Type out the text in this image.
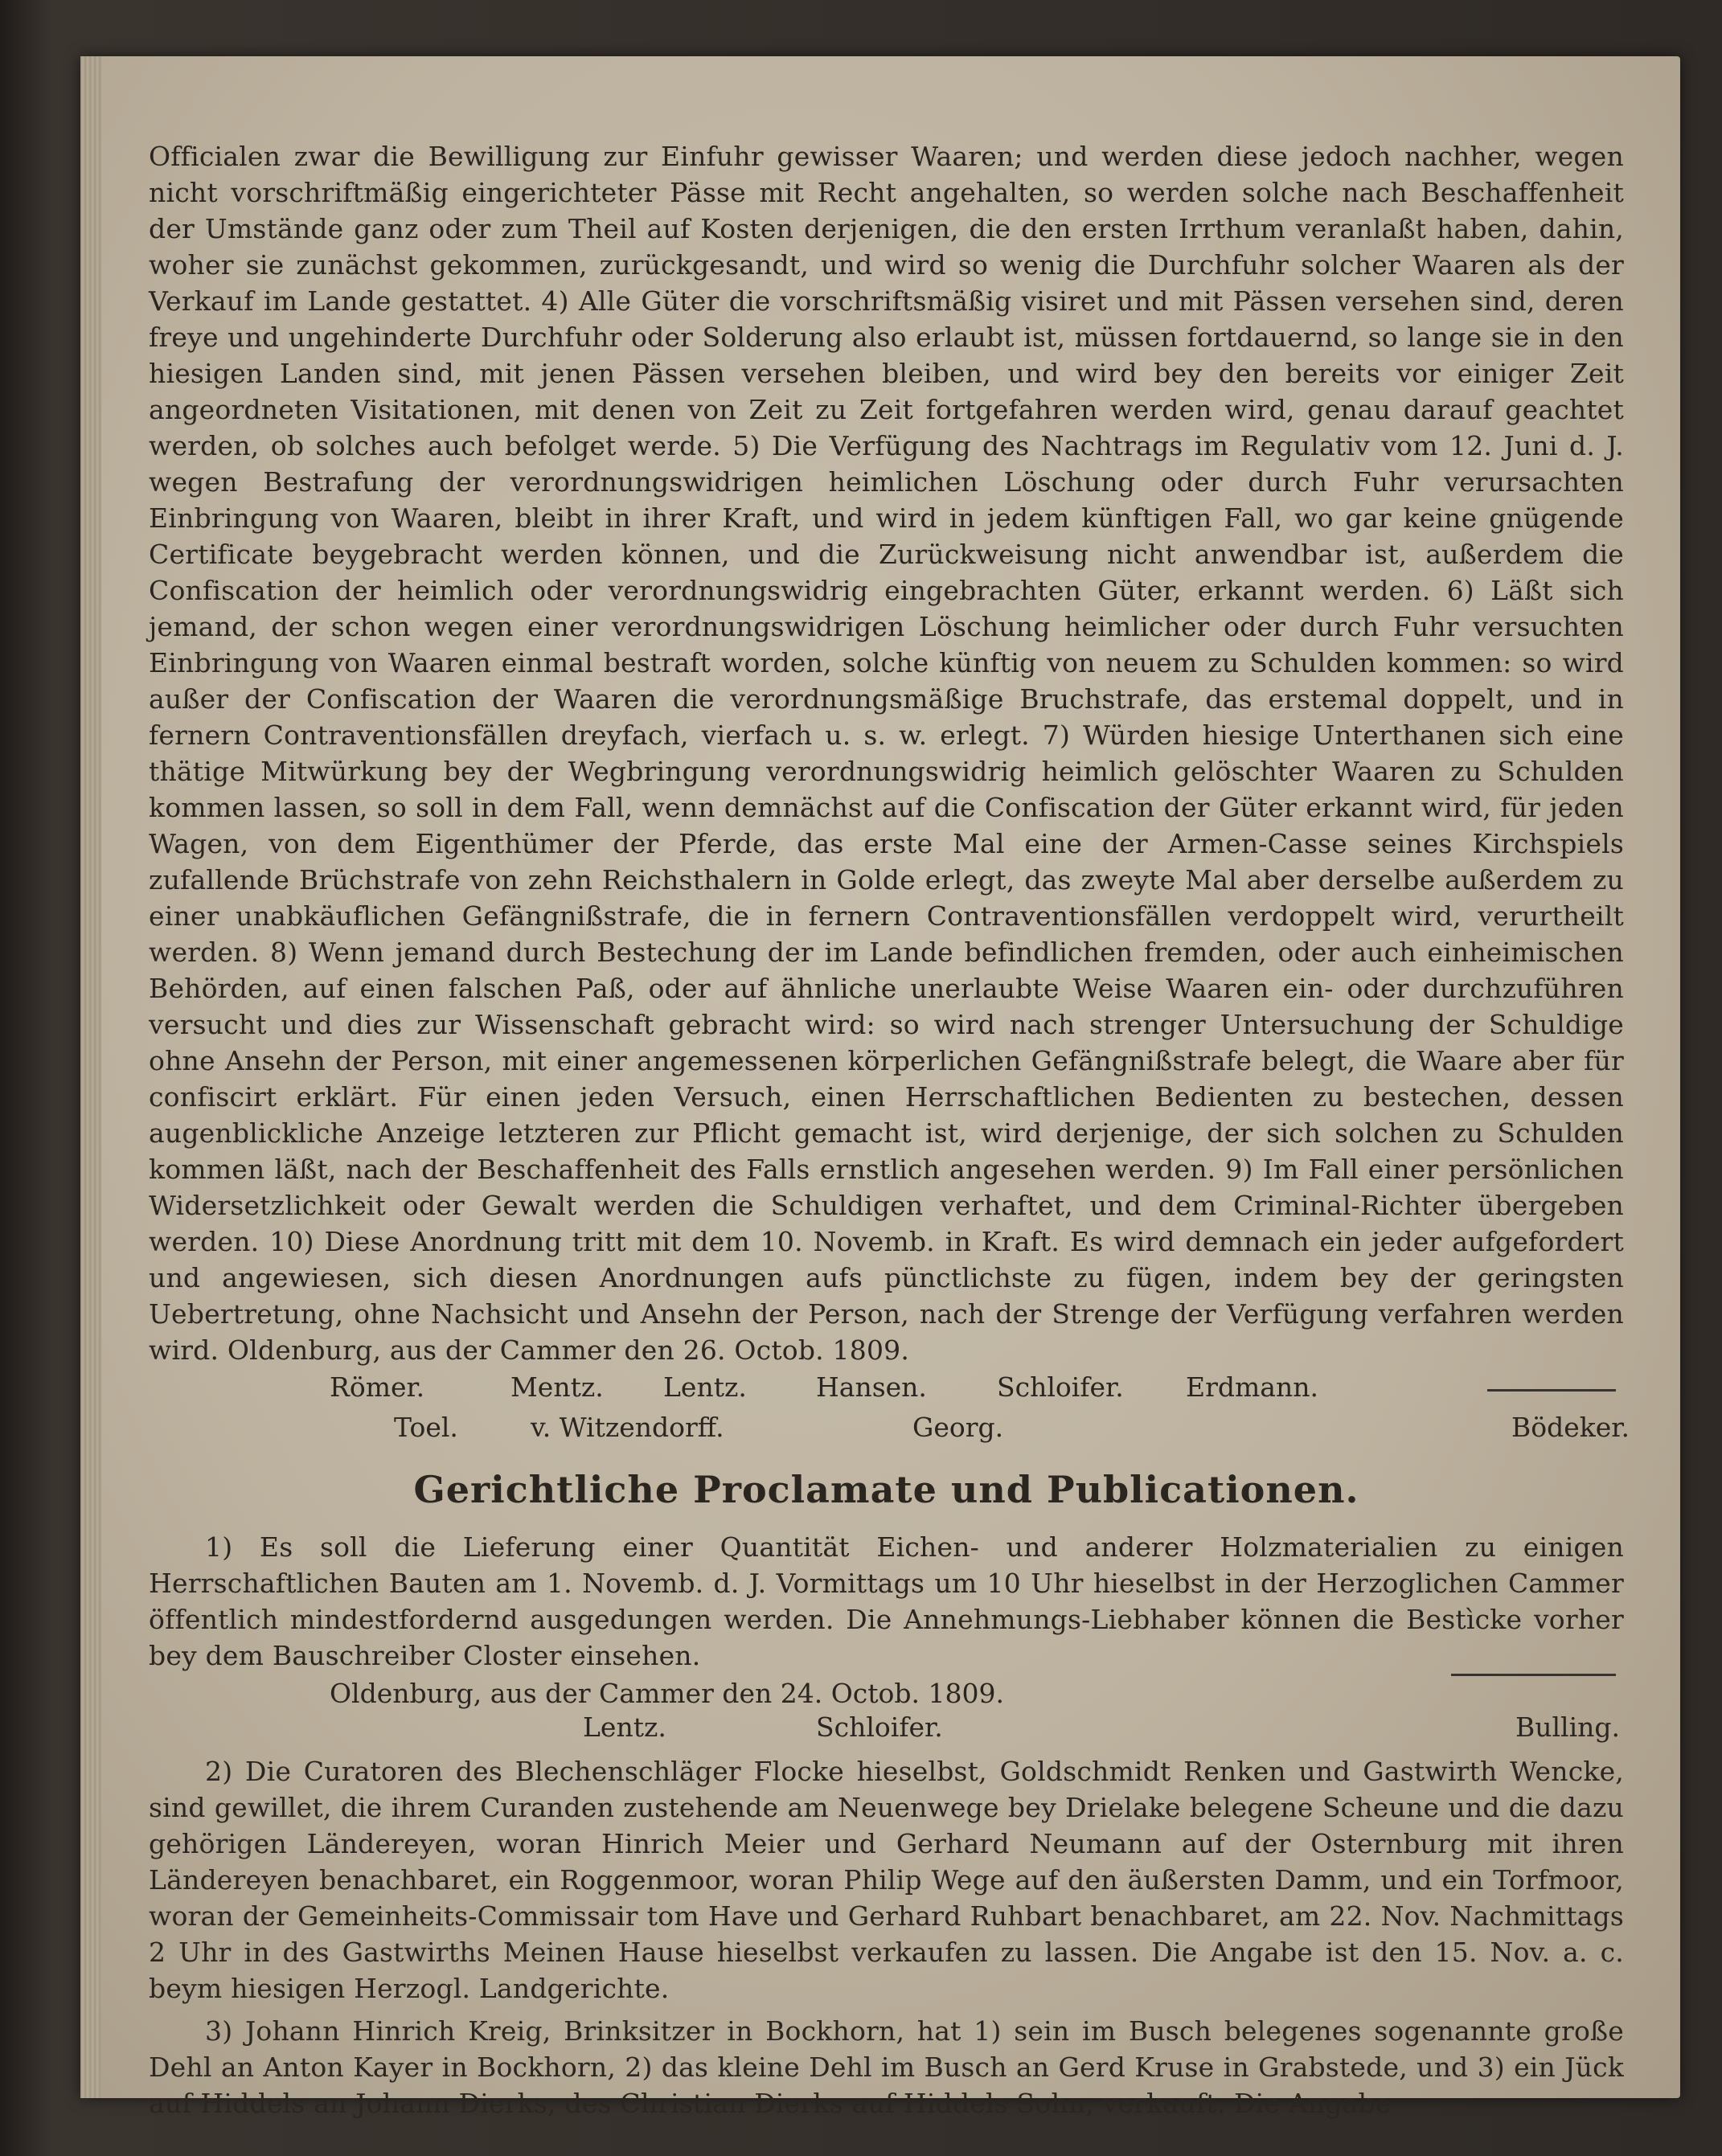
Officialen zwar die Bewilligung zur Einfuhr gewisser Waaren; und werden diese jedoch nachher, wegen nicht vorschriftmäßig eingerichteter Pässe mit Recht angehalten, so werden solche nach Beschaffenheit der Umstände ganz oder zum Theil auf Kosten derjenigen, die den ersten Irrthum veranlaßt haben, dahin, woher sie zunächst gekommen, zurückgesandt, und wird so wenig die Durchfuhr solcher Waaren als der Verkauf im Lande gestattet. 4) Alle Güter die vorschriftsmäßig visiret und mit Pässen versehen sind, deren freye und ungehinderte Durchfuhr oder Solderung also erlaubt ist, müssen fortdauernd, so lange sie in den hiesigen Landen sind, mit jenen Pässen versehen bleiben, und wird bey den bereits vor einiger Zeit angeordneten Visitationen, mit denen von Zeit zu Zeit fortgefahren werden wird, genau darauf geachtet werden, ob solches auch befolget werde. 5) Die Verfügung des Nachtrags im Regulativ vom 12. Juni d. J. wegen Bestrafung der verordnungswidrigen heimlichen Löschung oder durch Fuhr verursachten Einbringung von Waaren, bleibt in ihrer Kraft, und wird in jedem künftigen Fall, wo gar keine gnügende Certificate beygebracht werden können, und die Zurückweisung nicht anwendbar ist, außerdem die Confiscation der heimlich oder verordnungswidrig eingebrachten Güter, erkannt werden. 6) Läßt sich jemand, der schon wegen einer verordnungswidrigen Löschung heimlicher oder durch Fuhr versuchten Einbringung von Waaren einmal bestraft worden, solche künftig von neuem zu Schulden kommen: so wird außer der Confiscation der Waaren die verordnungsmäßige Bruchstrafe, das erstemal doppelt, und in fernern Contraventionsfällen dreyfach, vierfach u. s. w. erlegt. 7) Würden hiesige Unterthanen sich eine thätige Mitwürkung bey der Wegbringung verordnungswidrig heimlich gelöschter Waaren zu Schulden kommen lassen, so soll in dem Fall, wenn demnächst auf die Confiscation der Güter erkannt wird, für jeden Wagen, von dem Eigenthümer der Pferde, das erste Mal eine der Armen-Casse seines Kirchspiels zufallende Brüchstrafe von zehn Reichsthalern in Golde erlegt, das zweyte Mal aber derselbe außerdem zu einer unabkäuflichen Gefängnißstrafe, die in fernern Contraventionsfällen verdoppelt wird, verurtheilt werden. 8) Wenn jemand durch Bestechung der im Lande befindlichen fremden, oder auch einheimischen Behörden, auf einen falschen Paß, oder auf ähnliche unerlaubte Weise Waaren ein- oder durchzuführen versucht und dies zur Wissenschaft gebracht wird: so wird nach strenger Untersuchung der Schuldige ohne Ansehn der Person, mit einer angemessenen körperlichen Gefängnißstrafe belegt, die Waare aber für confiscirt erklärt. Für einen jeden Versuch, einen Herrschaftlichen Bedienten zu bestechen, dessen augenblickliche Anzeige letzteren zur Pflicht gemacht ist, wird derjenige, der sich solchen zu Schulden kommen läßt, nach der Beschaffenheit des Falls ernstlich angesehen werden. 9) Im Fall einer persönlichen Widersetzlichkeit oder Gewalt werden die Schuldigen verhaftet, und dem Criminal-Richter übergeben werden. 10) Diese Anordnung tritt mit dem 10. Novemb. in Kraft. Es wird demnach ein jeder aufgefordert und angewiesen, sich diesen Anordnungen aufs pünctlichste zu fügen, indem bey der geringsten Uebertretung, ohne Nachsicht und Ansehn der Person, nach der Strenge der Verfügung verfahren werden wird. Oldenburg, aus der Cammer den 26. Octob. 1809.

Römer.	Mentz. Lentz.	Hansen.	Schloifer. Erdmann.
Toel.	v. Witzendorff.	Georg.	Bödeker.
Gerichtliche Proclamate und Publicationen.

1) Es soll die Lieferung einer Quantität Eichen- und anderer Holzmaterialien zu einigen Herrschaftlichen Bauten am 1. Novemb. d. J. Vormittags um 10 Uhr hieselbst in der Herzoglichen Cammer öffentlich mindestfordernd ausgedungen werden. Die Annehmungs-Liebhaber können die Bestìcke vorher bey dem Bauschreiber Closter einsehen.

Oldenburg, aus der Cammer den 24. Octob. 1809.

Lentz.	Schloifer.	Bulling.

2) Die Curatoren des Blechenschläger Flocke hieselbst, Goldschmidt Renken und Gastwirth Wencke, sind gewillet, die ihrem Curanden zustehende am Neuenwege bey Drielake belegene Scheune und die dazu gehörigen Ländereyen, woran Hinrich Meier und Gerhard Neumann auf der Osternburg mit ihren Ländereyen benachbaret, ein Roggenmoor, woran Philip Wege auf den äußersten Damm, und ein Torfmoor, woran der Gemeinheits-Commissair tom Have und Gerhard Ruhbart benachbaret, am 22. Nov. Nachmittags 2 Uhr in des Gastwirths Meinen Hause hieselbst verkaufen zu lassen. Die Angabe ist den 15. Nov. a. c. beym hiesigen Herzogl. Landgerichte.

3) Johann Hinrich Kreig, Brinksitzer in Bockhorn, hat 1) sein im Busch belegenes sogenannte große Dehl an Anton Kayer in Bockhorn, 2) das kleine Dehl im Busch an Gerd Kruse in Grabstede, und 3) ein Jück auf Hiddels an Johann Dierks, des Christian Dierks auf Hiddels Sohn, verkauft. Die Angabe
